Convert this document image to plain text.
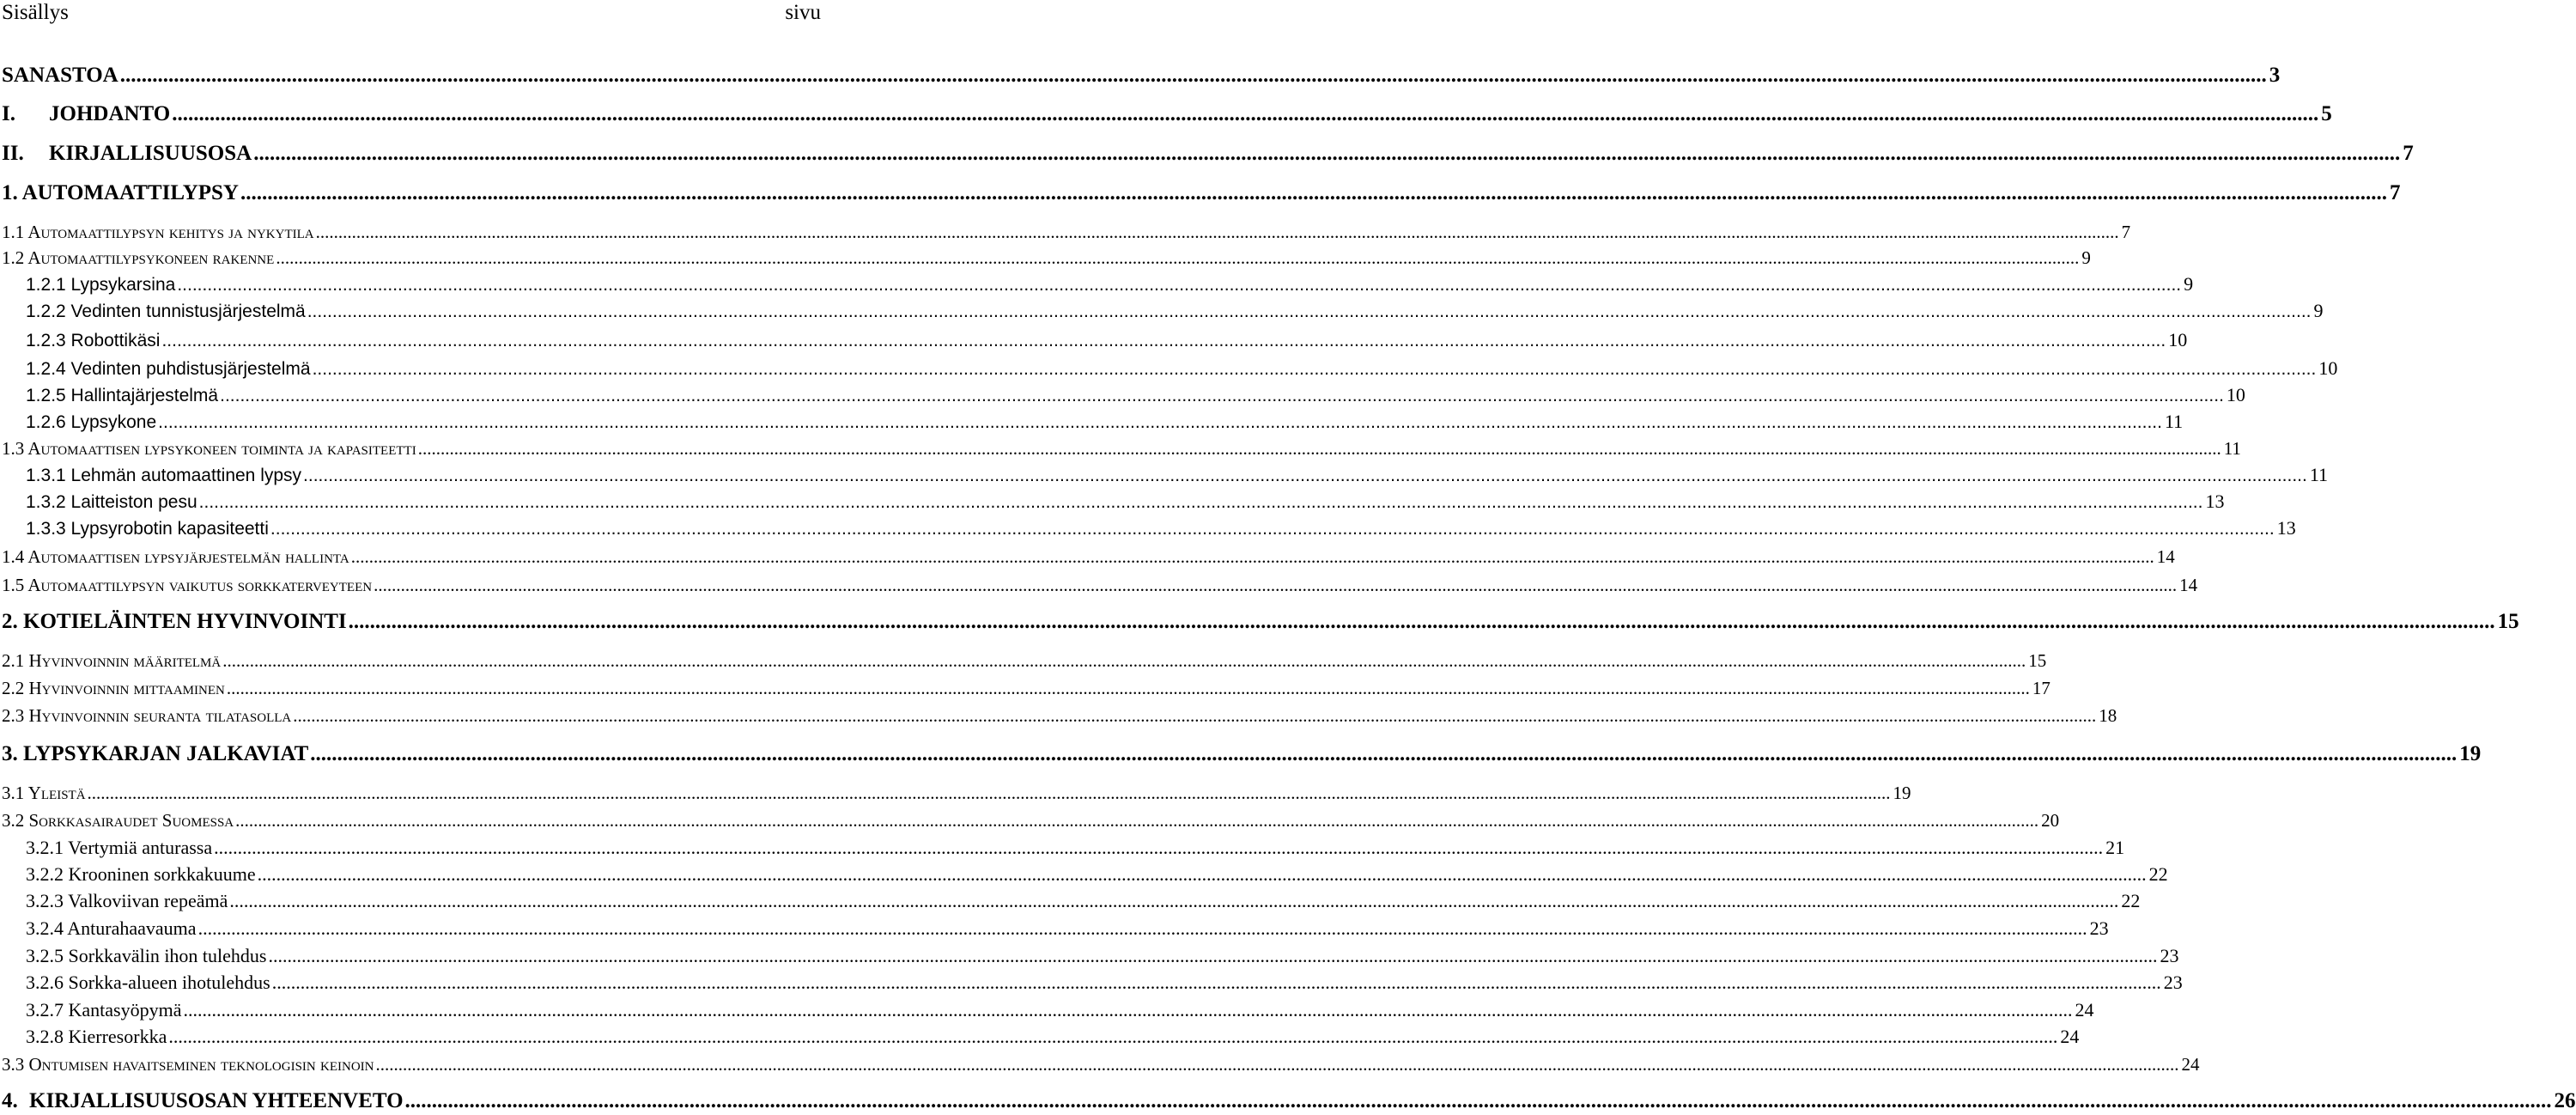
Sisällys	sivu
SANASTOA ................................................................................................................................................................................................................................................................................................................................................................................................................ 3
I.	JOHDANTO ................................................................................................................................................................................................................................................................................................................................................................................................................ 5
II.	KIRJALLISUUSOSA ................................................................................................................................................................................................................................................................................................................................................................................................................ 7
1. AUTOMAATTILYPSY ................................................................................................................................................................................................................................................................................................................................................................................................................ 7
1.1 Automaattilypsyn kehitys ja nykytila ................................................................................................................................................................................................................................................................................................................................................................................................................ 7
1.2 Automaattilypsykoneen rakenne ................................................................................................................................................................................................................................................................................................................................................................................................................ 9
1.2.1 Lypsykarsina ................................................................................................................................................................................................................................................................................................................................................................................................................ 9
1.2.2 Vedinten tunnistusjärjestelmä ................................................................................................................................................................................................................................................................................................................................................................................................................ 9
1.2.3 Robottikäsi ................................................................................................................................................................................................................................................................................................................................................................................................................ 10
1.2.4 Vedinten puhdistusjärjestelmä ................................................................................................................................................................................................................................................................................................................................................................................................................ 10
1.2.5 Hallintajärjestelmä ................................................................................................................................................................................................................................................................................................................................................................................................................ 10
1.2.6 Lypsykone ................................................................................................................................................................................................................................................................................................................................................................................................................ 11
1.3 Automaattisen lypsykoneen toiminta ja kapasiteetti ................................................................................................................................................................................................................................................................................................................................................................................................................ 11
1.3.1 Lehmän automaattinen lypsy ................................................................................................................................................................................................................................................................................................................................................................................................................ 11
1.3.2 Laitteiston pesu ................................................................................................................................................................................................................................................................................................................................................................................................................ 13
1.3.3 Lypsyrobotin kapasiteetti ................................................................................................................................................................................................................................................................................................................................................................................................................ 13
1.4 Automaattisen lypsyjärjestelmän hallinta ................................................................................................................................................................................................................................................................................................................................................................................................................ 14
1.5 Automaattilypsyn vaikutus sorkkaterveyteen ................................................................................................................................................................................................................................................................................................................................................................................................................ 14
2. KOTIELÄINTEN HYVINVOINTI ................................................................................................................................................................................................................................................................................................................................................................................................................ 15
2.1 Hyvinvoinnin määritelmä ................................................................................................................................................................................................................................................................................................................................................................................................................ 15
2.2 Hyvinvoinnin mittaaminen ................................................................................................................................................................................................................................................................................................................................................................................................................ 17
2.3 Hyvinvoinnin seuranta tilatasolla ................................................................................................................................................................................................................................................................................................................................................................................................................ 18
3. LYPSYKARJAN JALKAVIAT ................................................................................................................................................................................................................................................................................................................................................................................................................ 19
3.1 Yleistä ................................................................................................................................................................................................................................................................................................................................................................................................................ 19
3.2 Sorkkasairaudet Suomessa ................................................................................................................................................................................................................................................................................................................................................................................................................ 20
3.2.1 Vertymiä anturassa ................................................................................................................................................................................................................................................................................................................................................................................................................ 21
3.2.2 Krooninen sorkkakuume ................................................................................................................................................................................................................................................................................................................................................................................................................ 22
3.2.3 Valkoviivan repeämä ................................................................................................................................................................................................................................................................................................................................................................................................................ 22
3.2.4 Anturahaavauma ................................................................................................................................................................................................................................................................................................................................................................................................................ 23
3.2.5 Sorkkavälin ihon tulehdus ................................................................................................................................................................................................................................................................................................................................................................................................................ 23
3.2.6 Sorkka-alueen ihotulehdus ................................................................................................................................................................................................................................................................................................................................................................................................................ 23
3.2.7 Kantasyöpymä ................................................................................................................................................................................................................................................................................................................................................................................................................ 24
3.2.8 Kierresorkka ................................................................................................................................................................................................................................................................................................................................................................................................................ 24
3.3 Ontumisen havaitseminen teknologisin keinoin ................................................................................................................................................................................................................................................................................................................................................................................................................ 24
4. KIRJALLISUUSOSAN YHTEENVETO ................................................................................................................................................................................................................................................................................................................................................................................................................ 26
